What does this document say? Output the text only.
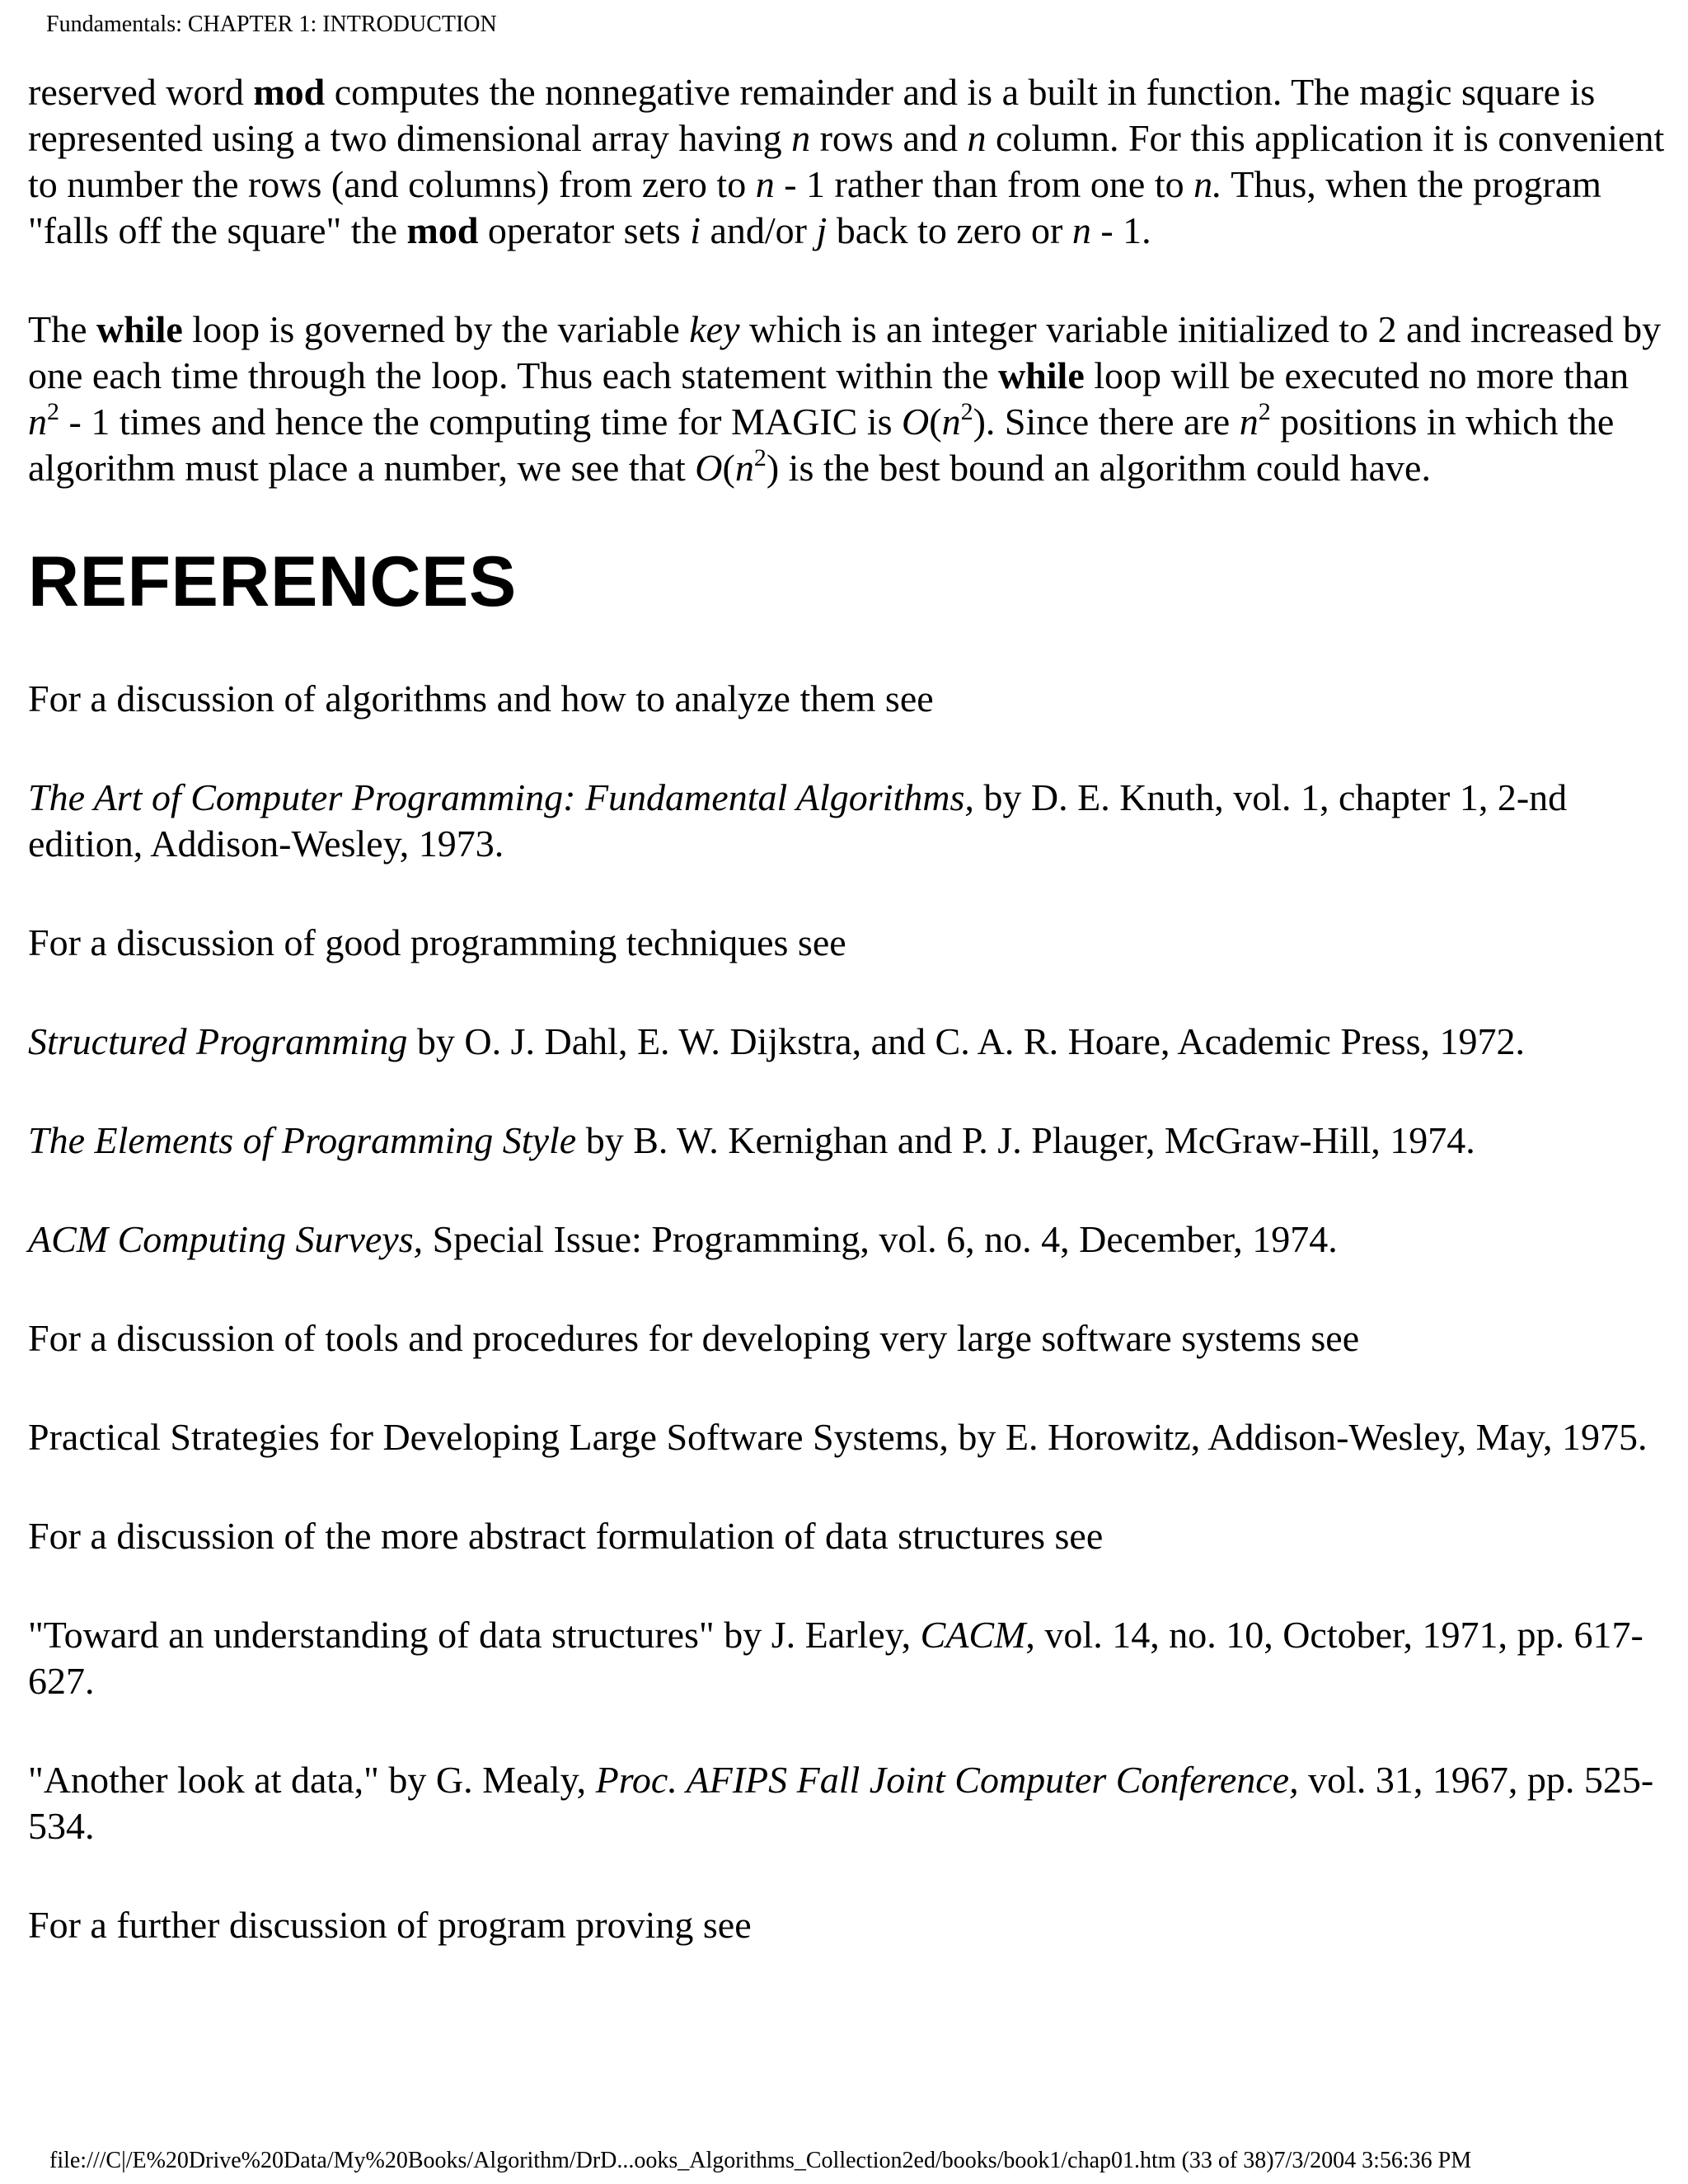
Fundamentals: CHAPTER 1: INTRODUCTION

reserved word mod computes the nonnegative remainder and is a built in function. The magic square is represented using a two dimensional array having n rows and n column. For this application it is convenient to number the rows (and columns) from zero to n - 1 rather than from one to n. Thus, when the program "falls off the square" the mod operator sets i and/or j back to zero or n - 1.

The while loop is governed by the variable key which is an integer variable initialized to 2 and increased by one each time through the loop. Thus each statement within the while loop will be executed no more than $n^2 - 1$ times and hence the computing time for MAGIC is $O(n^2)$. Since there are $n^2$ positions in which the algorithm must place a number, we see that $O(n^2)$ is the best bound an algorithm could have.

REFERENCES

For a discussion of algorithms and how to analyze them see

The Art of Computer Programming: Fundamental Algorithms, by D. E. Knuth, vol. 1, chapter 1, 2-nd edition, Addison-Wesley, 1973.

For a discussion of good programming techniques see

Structured Programming by O. J. Dahl, E. W. Dijkstra, and C. A. R. Hoare, Academic Press, 1972.

The Elements of Programming Style by B. W. Kernighan and P. J. Plauger, McGraw-Hill, 1974.

ACM Computing Surveys, Special Issue: Programming, vol. 6, no. 4, December, 1974.

For a discussion of tools and procedures for developing very large software systems see

Practical Strategies for Developing Large Software Systems, by E. Horowitz, Addison-Wesley, May, 1975.

For a discussion of the more abstract formulation of data structures see

"Toward an understanding of data structures" by J. Earley, CACM, vol. 14, no. 10, October, 1971, pp. 617-627.

"Another look at data," by G. Mealy, Proc. AFIPS Fall Joint Computer Conference, vol. 31, 1967, pp. 525-534.

For a further discussion of program proving see

file:///C|/E%20Drive%20Data/My%20Books/Algorithm/DrD...ooks_Algorithms_Collection2ed/books/book1/chap01.htm (33 of 38)7/3/2004 3:56:36 PM
